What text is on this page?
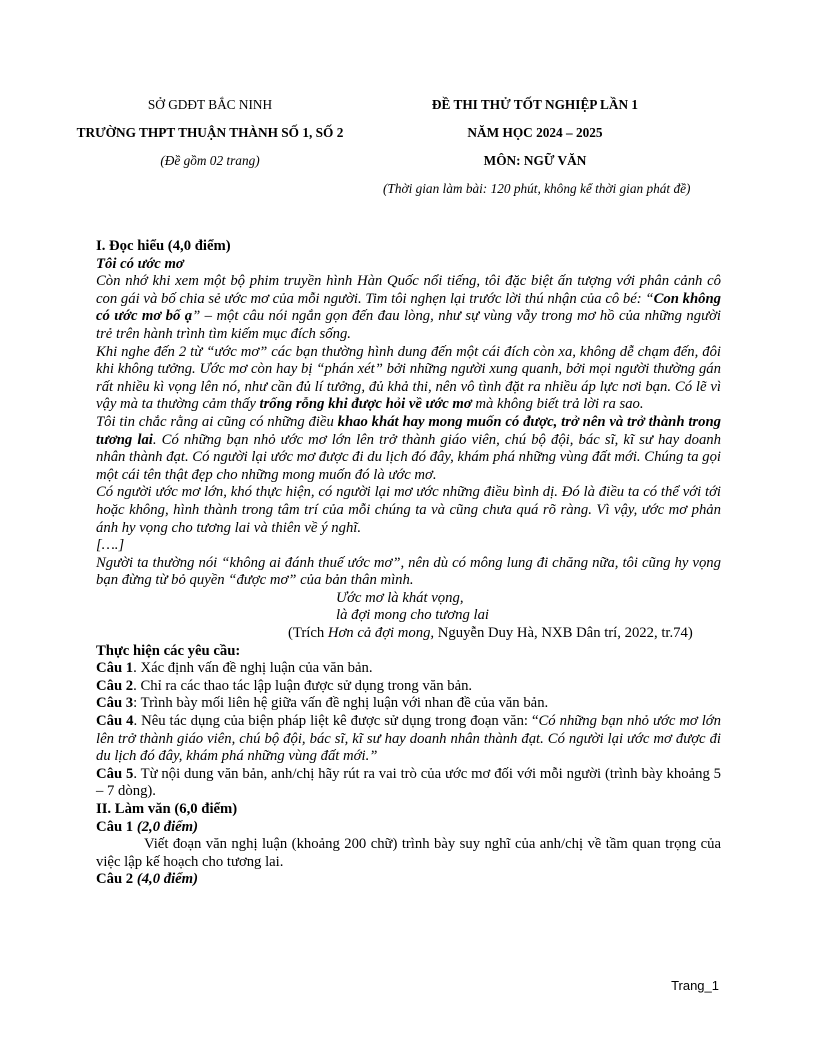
SỞ GDĐT BẮC NINH
TRƯỜNG THPT THUẬN THÀNH SỐ 1, SỐ 2
(Đề gồm 02 trang)
ĐỀ THI THỬ TỐT NGHIỆP LẦN 1
NĂM HỌC 2024 – 2025
MÔN: NGỮ VĂN
(Thời gian làm bài: 120 phút, không kể thời gian phát đề)

I. Đọc hiểu (4,0 điểm)

Tôi có ước mơ

Còn nhớ khi xem một bộ phim truyền hình Hàn Quốc nổi tiếng, tôi đặc biệt ấn tượng với phân cảnh cô con gái và bố chia sẻ ước mơ của mỗi người. Tim tôi nghẹn lại trước lời thú nhận của cô bé: “Con không có ước mơ bố ạ” – một câu nói ngắn gọn đến đau lòng, như sự vùng vẫy trong mơ hồ của những người trẻ trên hành trình tìm kiếm mục đích sống.

Khi nghe đến 2 từ “ước mơ” các bạn thường hình dung đến một cái đích còn xa, không dễ chạm đến, đôi khi không tưởng. Ước mơ còn hay bị “phán xét” bởi những người xung quanh, bởi mọi người thường gán rất nhiều kì vọng lên nó, như cần đủ lí tưởng, đủ khả thi, nên vô tình đặt ra nhiều áp lực nơi bạn. Có lẽ vì vậy mà ta thường cảm thấy trống rỗng khi được hỏi về ước mơ mà không biết trả lời ra sao.

Tôi tin chắc rằng ai cũng có những điều khao khát hay mong muốn có được, trở nên và trở thành trong tương lai. Có những bạn nhỏ ước mơ lớn lên trở thành giáo viên, chú bộ đội, bác sĩ, kĩ sư hay doanh nhân thành đạt. Có người lại ước mơ được đi du lịch đó đây, khám phá những vùng đất mới. Chúng ta gọi một cái tên thật đẹp cho những mong muốn đó là ước mơ.

Có người ước mơ lớn, khó thực hiện, có người lại mơ ước những điều bình dị. Đó là điều ta có thể với tới hoặc không, hình thành trong tâm trí của mỗi chúng ta và cũng chưa quá rõ ràng. Vì vậy, ước mơ phản ánh hy vọng cho tương lai và thiên về ý nghĩ.

[….]

Người ta thường nói “không ai đánh thuế ước mơ”, nên dù có mông lung đi chăng nữa, tôi cũng hy vọng bạn đừng từ bỏ quyền “được mơ” của bản thân mình.

Ước mơ là khát vọng,

là đợi mong cho tương lai

(Trích Hơn cả đợi mong, Nguyễn Duy Hà, NXB Dân trí, 2022, tr.74)

Thực hiện các yêu cầu:

Câu 1. Xác định vấn đề nghị luận của văn bản.

Câu 2. Chỉ ra các thao tác lập luận được sử dụng trong văn bản.

Câu 3: Trình bày mối liên hệ giữa vấn đề nghị luận với nhan đề của văn bản.

Câu 4. Nêu tác dụng của biện pháp liệt kê được sử dụng trong đoạn văn: “Có những bạn nhỏ ước mơ lớn lên trở thành giáo viên, chú bộ đội, bác sĩ, kĩ sư hay doanh nhân thành đạt. Có người lại ước mơ được đi du lịch đó đây, khám phá những vùng đất mới.”

Câu 5. Từ nội dung văn bản, anh/chị hãy rút ra vai trò của ước mơ đối với mỗi người (trình bày khoảng 5 – 7 dòng).

II. Làm văn (6,0 điểm)

Câu 1 (2,0 điểm)

Viết đoạn văn nghị luận (khoảng 200 chữ) trình bày suy nghĩ của anh/chị về tầm quan trọng của việc lập kế hoạch cho tương lai.

Câu 2 (4,0 điểm)

Trang_1
